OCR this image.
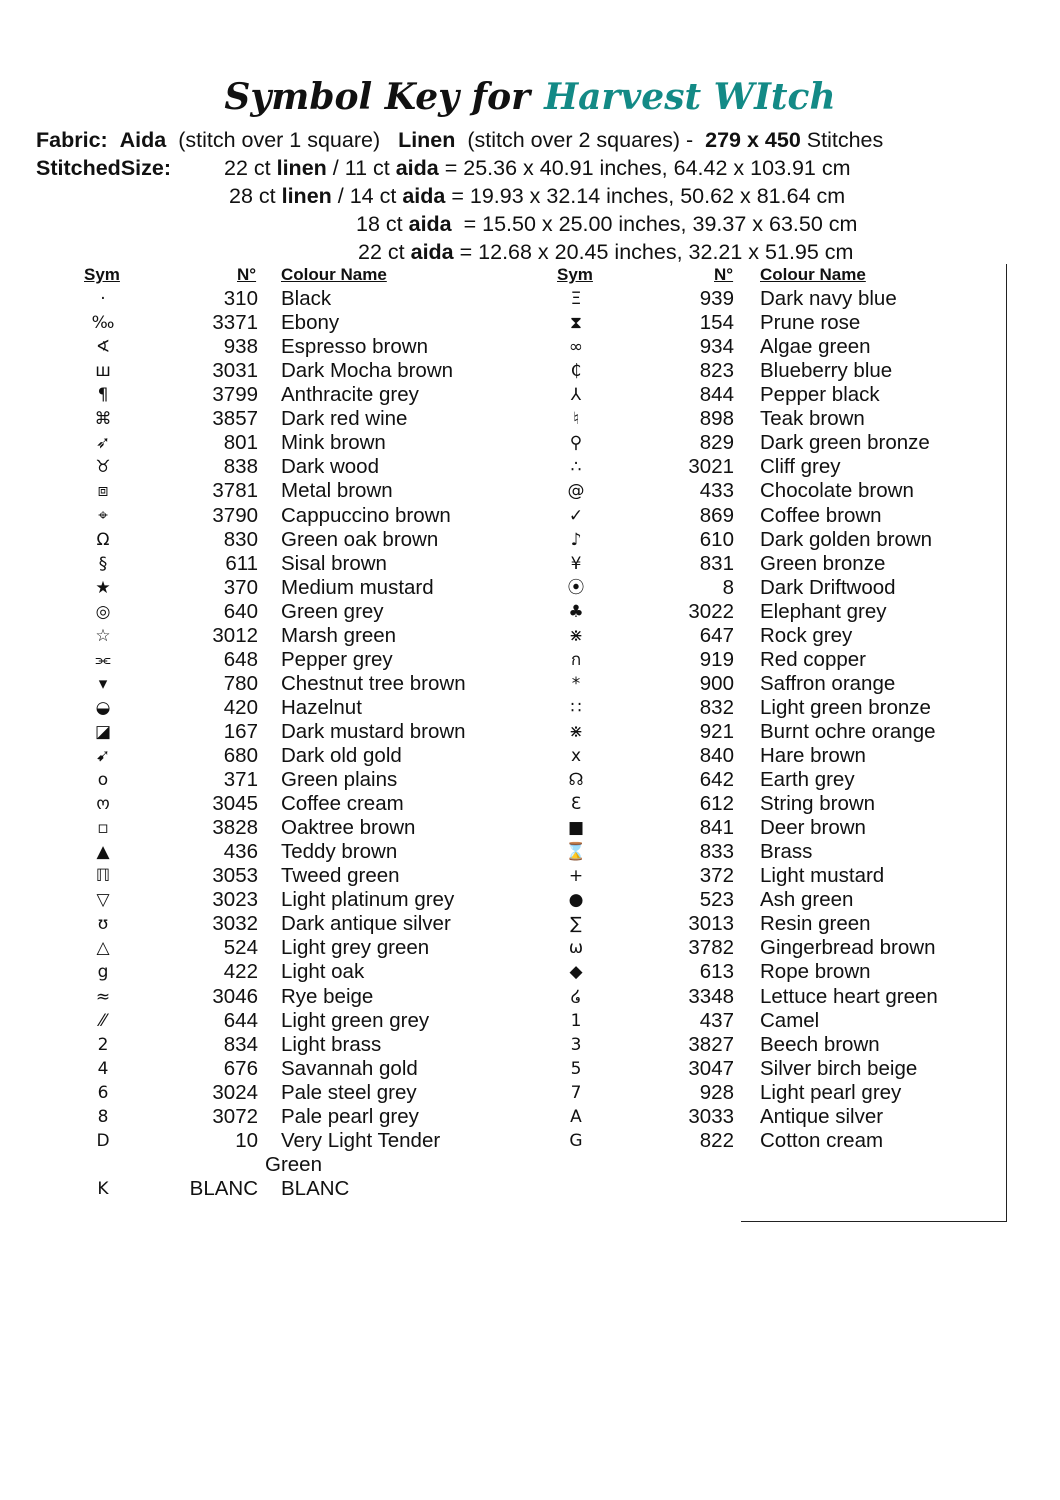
Symbol Key for Harvest WItch
Fabric: Aida (stitch over 1 square) Linen (stitch over 2 squares) - 279 x 450 Stitches
StitchedSize: 22 ct linen / 11 ct aida = 25.36 x 40.91 inches, 64.42 x 103.91 cm
28 ct linen / 14 ct aida = 19.93 x 32.14 inches, 50.62 x 81.64 cm
18 ct aida  = 15.50 x 25.00 inches, 39.37 x 63.50 cm
22 ct aida = 12.68 x 20.45 inches, 32.21 x 51.95 cm
Sym	N° Colour Name	Sym	N° Colour Name
·	310 Black
‰	3371 Ebony
∢	938 Espresso brown
ш	3031 Dark Mocha brown
¶	3799 Anthracite grey
⌘	3857 Dark red wine
➶	801 Mink brown
♉	838 Dark wood
⧈	3781 Metal brown
⌖	3790 Cappuccino brown
Ω	830 Green oak brown
§	611 Sisal brown
★	370 Medium mustard
◎	640 Green grey
☆	3012 Marsh green
⫘	648 Pepper grey
▾	780 Chestnut tree brown
◒	420 Hazelnut
◪	167 Dark mustard brown
➹	680 Dark old gold
o	371 Green plains
ო	3045 Coffee cream
▫	3828 Oaktree brown
▲	436 Teddy brown
ℿ	3053 Tweed green
▽	3023 Light platinum grey
ʊ	3032 Dark antique silver
△	524 Light grey green
g	422 Light oak
≈	3046 Rye beige
⁄⁄	644 Light green grey
2	834 Light brass
4	676 Savannah gold
6	3024 Pale steel grey
8	3072 Pale pearl grey
D	10 Very Light Tender
Green
K	BLANC BLANC
Ξ	939 Dark navy blue
⧗	154 Prune rose
∞	934 Algae green
₵	823 Blueberry blue
⅄	844 Pepper black
♮	898 Teak brown
⚲	829 Dark green bronze
∴	3021 Cliff grey
@	433 Chocolate brown
✓	869 Coffee brown
♪	610 Dark golden brown
¥	831 Green bronze
⦿	8 Dark Driftwood
♣	3022 Elephant grey
⋇	647 Rock grey
ก	919 Red copper
*	900 Saffron orange
∷	832 Light green bronze
⋇	921 Burnt ochre orange
x	840 Hare brown
☊	642 Earth grey
Ɛ	612 String brown
■	841 Deer brown
⌛	833 Brass
+	372 Light mustard
●	523 Ash green
∑	3013 Resin green
ω	3782 Gingerbread brown
◆	613 Rope brown
໒	3348 Lettuce heart green
1	437 Camel
3	3827 Beech brown
5	3047 Silver birch beige
7	928 Light pearl grey
A	3033 Antique silver
G	822 Cotton cream
